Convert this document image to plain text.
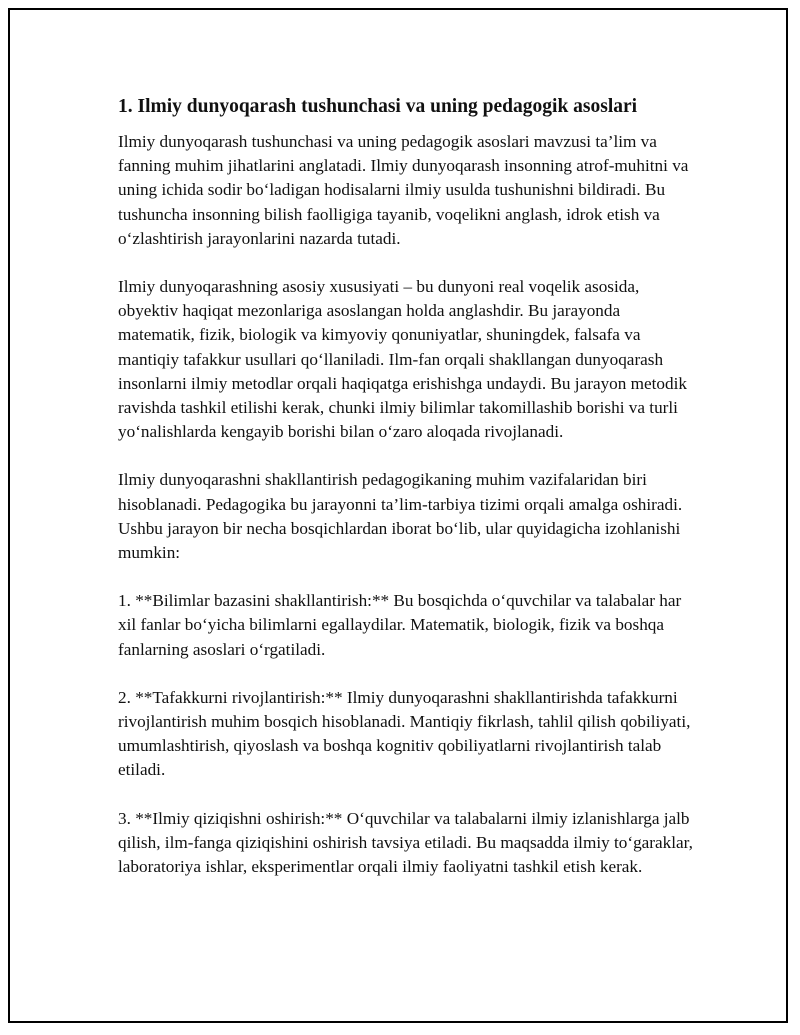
1. Ilmiy dunyoqarash tushunchasi va uning pedagogik asoslari

Ilmiy dunyoqarash tushunchasi va uning pedagogik asoslari mavzusi ta’lim va fanning muhim jihatlarini anglatadi. Ilmiy dunyoqarash insonning atrof-muhitni va uning ichida sodir bo‘ladigan hodisalarni ilmiy usulda tushunishni bildiradi. Bu tushuncha insonning bilish faolligiga tayanib, voqelikni anglash, idrok etish va o‘zlashtirish jarayonlarini nazarda tutadi.

Ilmiy dunyoqarashning asosiy xususiyati – bu dunyoni real voqelik asosida, obyektiv haqiqat mezonlariga asoslangan holda anglashdir. Bu jarayonda matematik, fizik, biologik va kimyoviy qonuniyatlar, shuningdek, falsafa va mantiqiy tafakkur usullari qo‘llaniladi. Ilm-fan orqali shakllangan dunyoqarash insonlarni ilmiy metodlar orqali haqiqatga erishishga undaydi. Bu jarayon metodik ravishda tashkil etilishi kerak, chunki ilmiy bilimlar takomillashib borishi va turli yo‘nalishlarda kengayib borishi bilan o‘zaro aloqada rivojlanadi.

Ilmiy dunyoqarashni shakllantirish pedagogikaning muhim vazifalaridan biri hisoblanadi. Pedagogika bu jarayonni ta’lim-tarbiya tizimi orqali amalga oshiradi. Ushbu jarayon bir necha bosqichlardan iborat bo‘lib, ular quyidagicha izohlanishi mumkin:

1. **Bilimlar bazasini shakllantirish:** Bu bosqichda o‘quvchilar va talabalar har xil fanlar bo‘yicha bilimlarni egallaydilar. Matematik, biologik, fizik va boshqa fanlarning asoslari o‘rgatiladi.

2. **Tafakkurni rivojlantirish:** Ilmiy dunyoqarashni shakllantirishda tafakkurni rivojlantirish muhim bosqich hisoblanadi. Mantiqiy fikrlash, tahlil qilish qobiliyati, umumlashtirish, qiyoslash va boshqa kognitiv qobiliyatlarni rivojlantirish talab etiladi.

3. **Ilmiy qiziqishni oshirish:** O‘quvchilar va talabalarni ilmiy izlanishlarga jalb qilish, ilm-fanga qiziqishini oshirish tavsiya etiladi. Bu maqsadda ilmiy to‘garaklar, laboratoriya ishlar, eksperimentlar orqali ilmiy faoliyatni tashkil etish kerak.
